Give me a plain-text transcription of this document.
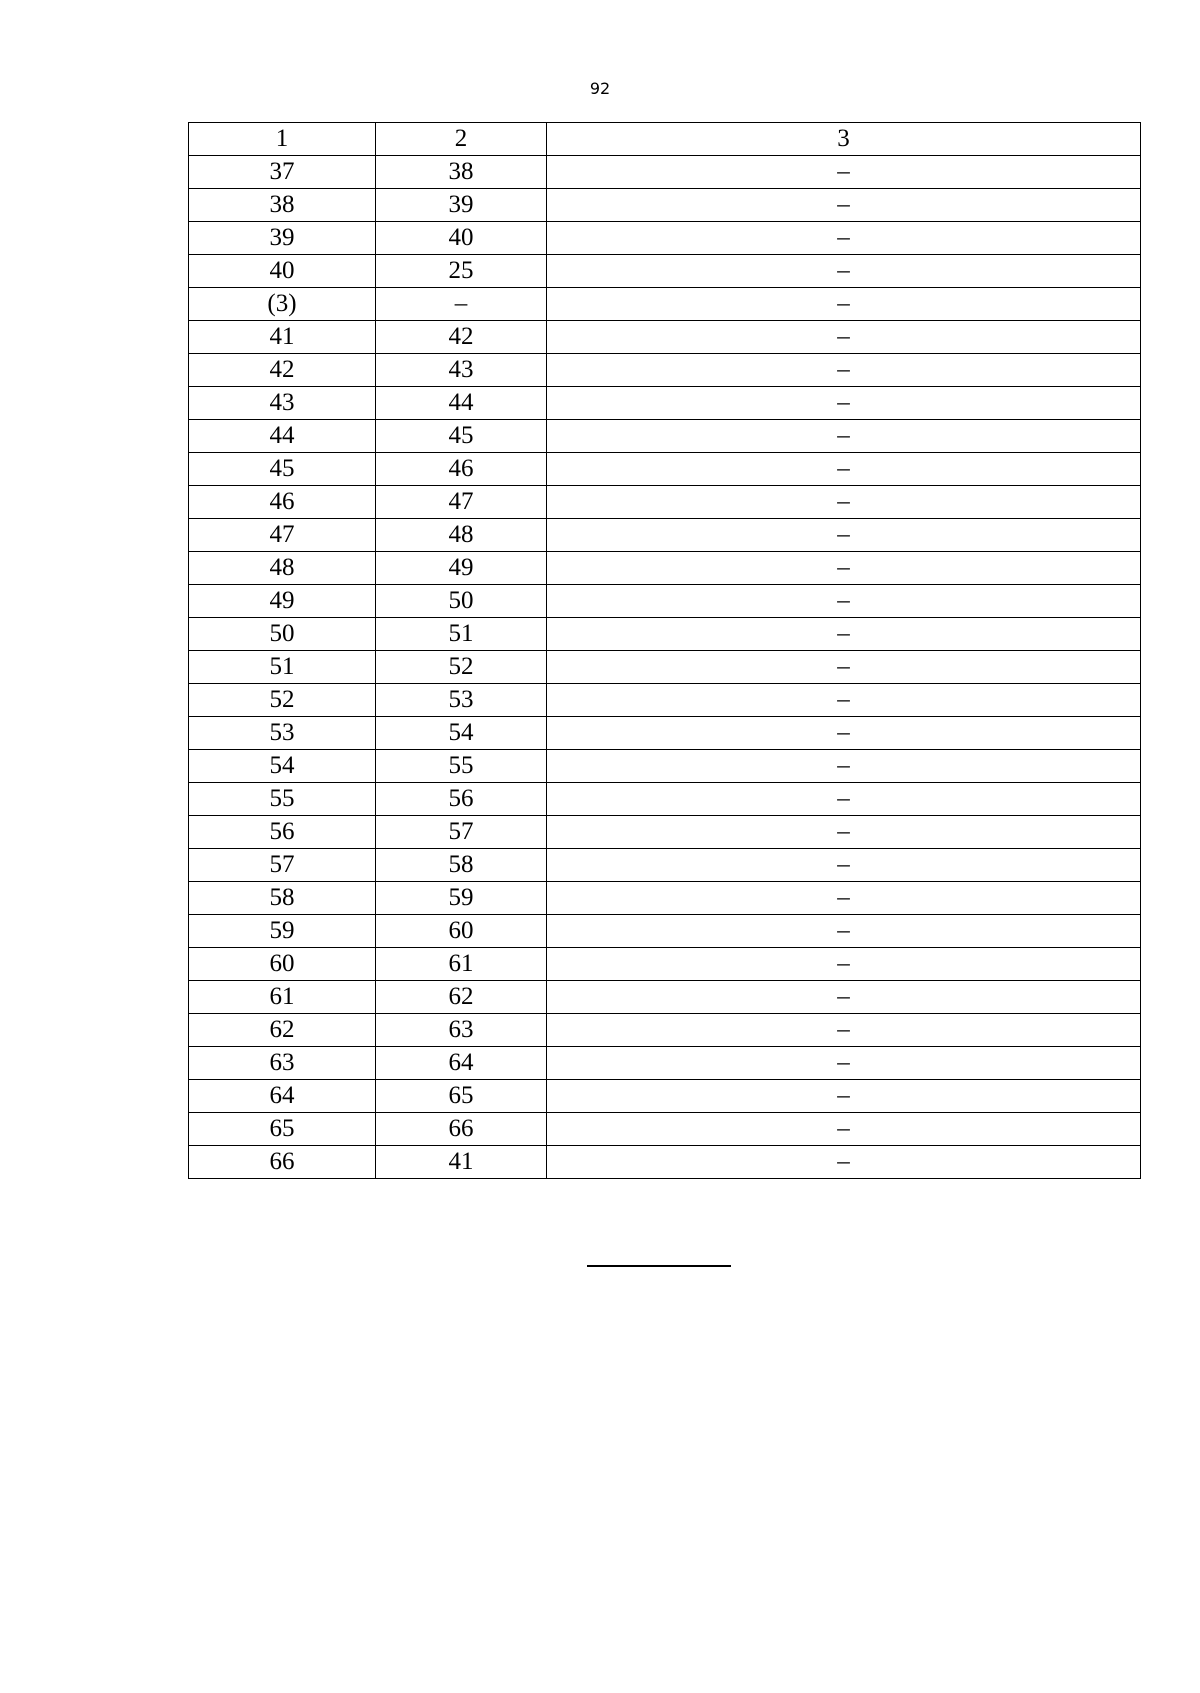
92
1	2	3
37	38	–
38	39	–
39	40	–
40	25	–
(3)	–	–
41	42	–
42	43	–
43	44	–
44	45	–
45	46	–
46	47	–
47	48	–
48	49	–
49	50	–
50	51	–
51	52	–
52	53	–
53	54	–
54	55	–
55	56	–
56	57	–
57	58	–
58	59	–
59	60	–
60	61	–
61	62	–
62	63	–
63	64	–
64	65	–
65	66	–
66	41	–
